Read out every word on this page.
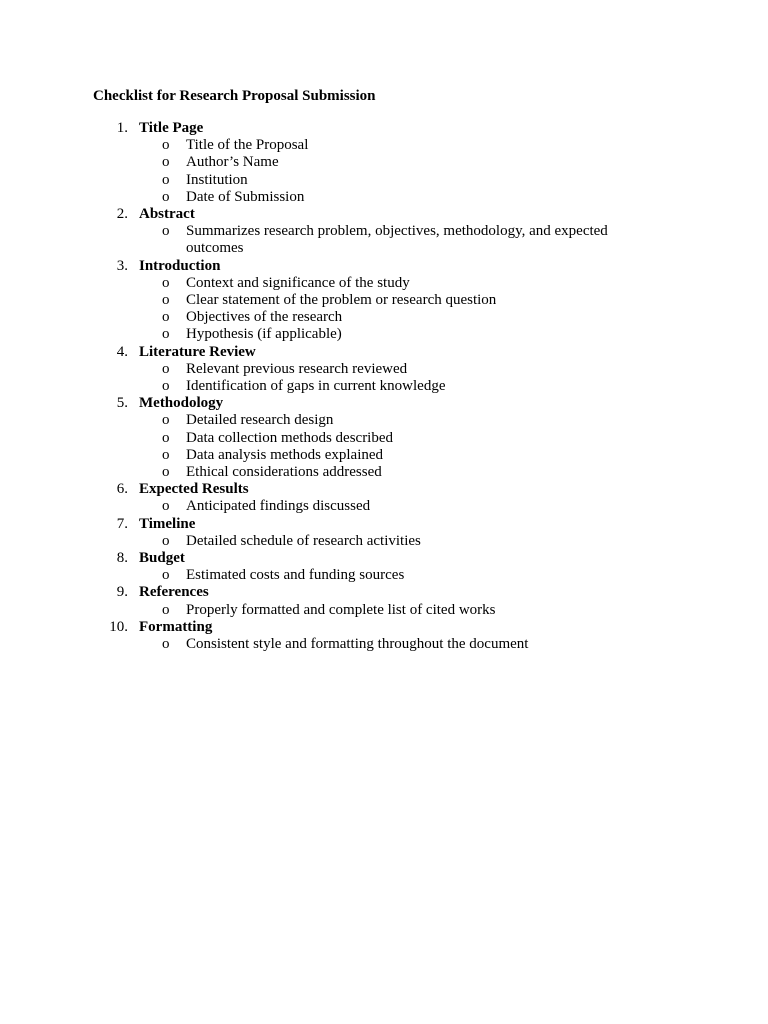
Checklist for Research Proposal Submission
1. Title Page
o Title of the Proposal
o Author’s Name
o Institution
o Date of Submission
2. Abstract
o Summarizes research problem, objectives, methodology, and expected outcomes
3. Introduction
o Context and significance of the study
o Clear statement of the problem or research question
o Objectives of the research
o Hypothesis (if applicable)
4. Literature Review
o Relevant previous research reviewed
o Identification of gaps in current knowledge
5. Methodology
o Detailed research design
o Data collection methods described
o Data analysis methods explained
o Ethical considerations addressed
6. Expected Results
o Anticipated findings discussed
7. Timeline
o Detailed schedule of research activities
8. Budget
o Estimated costs and funding sources
9. References
o Properly formatted and complete list of cited works
10. Formatting
o Consistent style and formatting throughout the document
